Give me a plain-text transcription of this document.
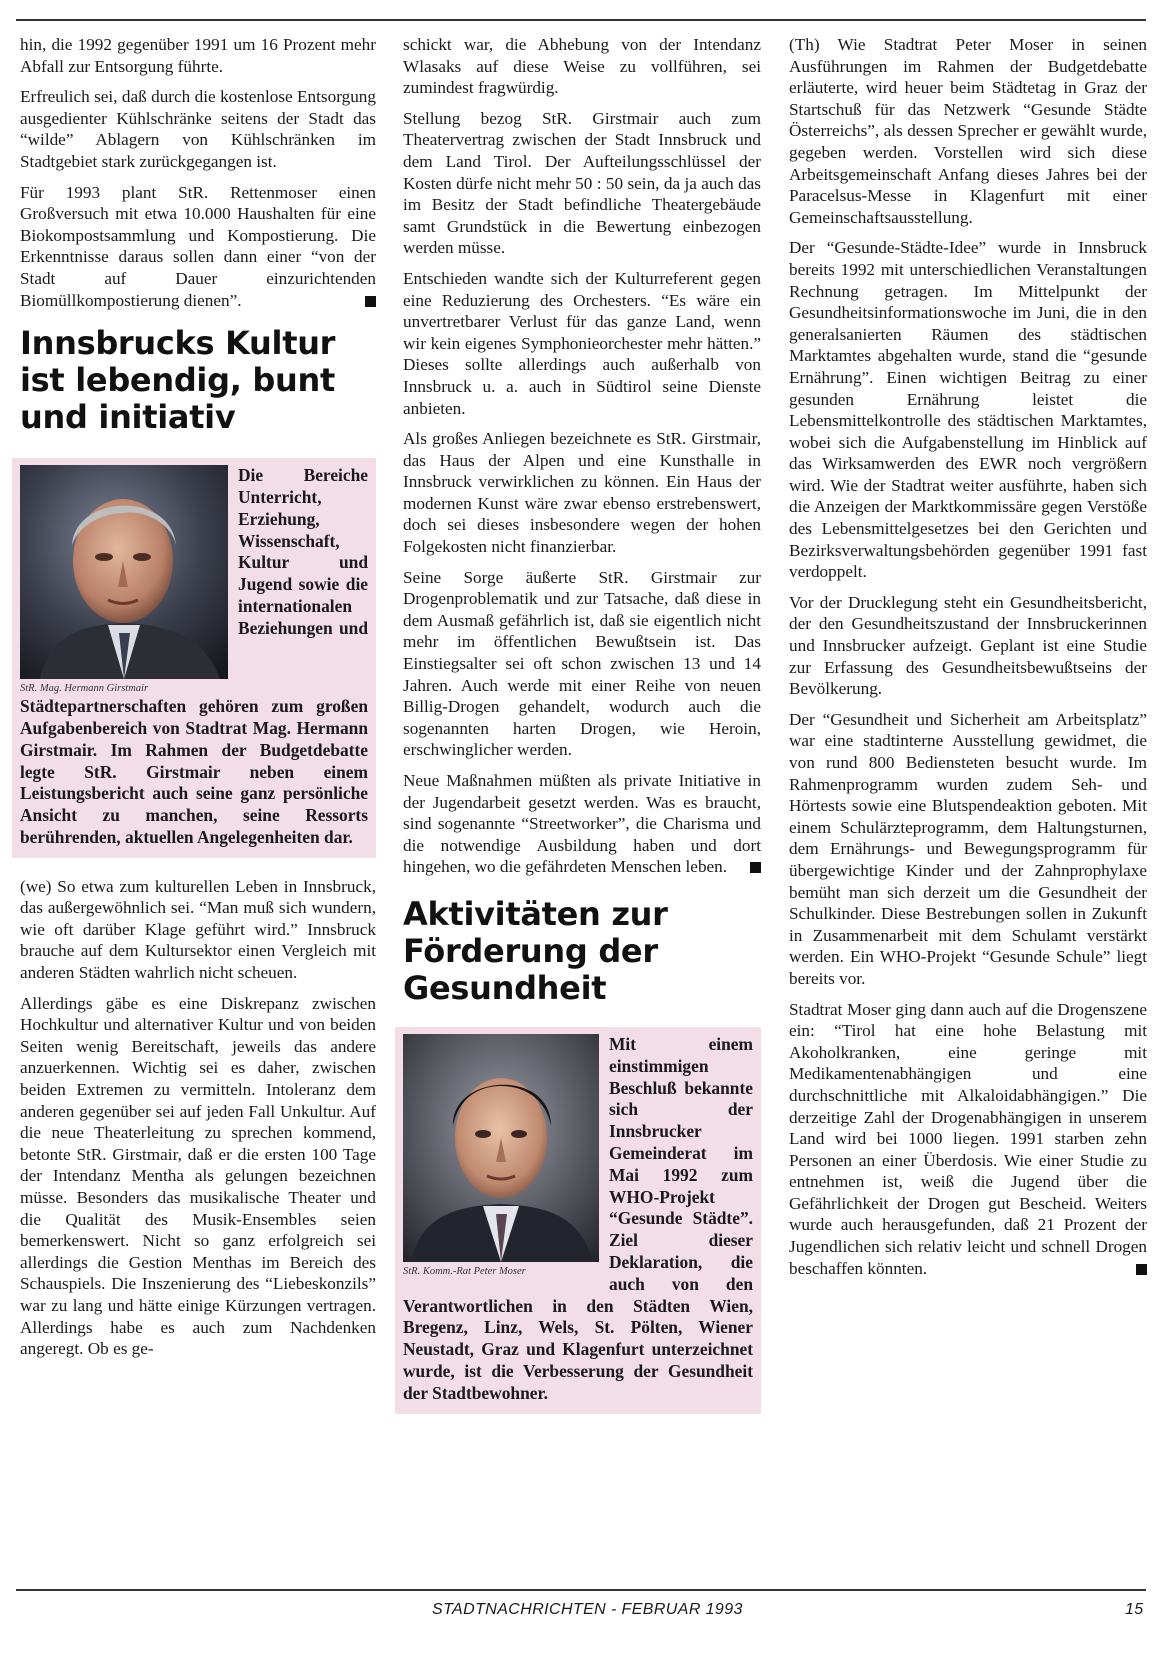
hin, die 1992 gegenüber 1991 um 16 Prozent mehr Abfall zur Entsorgung führte.

Erfreulich sei, daß durch die kostenlose Entsorgung ausgedienter Kühlschränke seitens der Stadt das “wilde” Ablagern von Kühlschränken im Stadtgebiet stark zurückgegangen ist.

Für 1993 plant StR. Rettenmoser einen Großversuch mit etwa 10.000 Haushalten für eine Biokompostsammlung und Kompostierung. Die Erkenntnisse daraus sollen dann einer “von der Stadt auf Dauer einzurichtenden Biomüllkompostierung dienen”.

Innsbrucks Kultur ist lebendig, bunt und initiativ
StR. Mag. Hermann Girstmair

Die Bereiche Unterricht, Erziehung, Wissenschaft, Kultur und Jugend sowie die internationalen Beziehungen und Städtepartnerschaften gehören zum großen Aufgabenbereich von Stadtrat Mag. Hermann Girstmair. Im Rahmen der Budgetdebatte legte StR. Girstmair neben einem Leistungsbericht auch seine ganz persönliche Ansicht zu manchen, seine Ressorts berührenden, aktuellen Angelegenheiten dar.

(we) So etwa zum kulturellen Leben in Innsbruck, das außergewöhnlich sei. “Man muß sich wundern, wie oft darüber Klage geführt wird.” Innsbruck brauche auf dem Kultursektor einen Vergleich mit anderen Städten wahrlich nicht scheuen.

Allerdings gäbe es eine Diskrepanz zwischen Hochkultur und alternativer Kultur und von beiden Seiten wenig Bereitschaft, jeweils das andere anzuerkennen. Wichtig sei es daher, zwischen beiden Extremen zu vermitteln. Intoleranz dem anderen gegenüber sei auf jeden Fall Unkultur. Auf die neue Theaterleitung zu sprechen kommend, betonte StR. Girstmair, daß er die ersten 100 Tage der Intendanz Mentha als gelungen bezeichnen müsse. Besonders das musikalische Theater und die Qualität des Musik-Ensembles seien bemerkenswert. Nicht so ganz erfolgreich sei allerdings die Gestion Menthas im Bereich des Schauspiels. Die Inszenierung des “Liebeskonzils” war zu lang und hätte einige Kürzungen vertragen. Allerdings habe es auch zum Nachdenken angeregt. Ob es ge-

schickt war, die Abhebung von der Intendanz Wlasaks auf diese Weise zu vollführen, sei zumindest fragwürdig.

Stellung bezog StR. Girstmair auch zum Theatervertrag zwischen der Stadt Innsbruck und dem Land Tirol. Der Aufteilungsschlüssel der Kosten dürfe nicht mehr 50 : 50 sein, da ja auch das im Besitz der Stadt befindliche Theatergebäude samt Grundstück in die Bewertung einbezogen werden müsse.

Entschieden wandte sich der Kulturreferent gegen eine Reduzierung des Orchesters. “Es wäre ein unvertretbarer Verlust für das ganze Land, wenn wir kein eigenes Symphonieorchester mehr hätten.” Dieses sollte allerdings auch außerhalb von Innsbruck u. a. auch in Südtirol seine Dienste anbieten.

Als großes Anliegen bezeichnete es StR. Girstmair, das Haus der Alpen und eine Kunsthalle in Innsbruck verwirklichen zu können. Ein Haus der modernen Kunst wäre zwar ebenso erstrebenswert, doch sei dieses insbesondere wegen der hohen Folgekosten nicht finanzierbar.

Seine Sorge äußerte StR. Girstmair zur Drogenproblematik und zur Tatsache, daß diese in dem Ausmaß gefährlich ist, daß sie eigentlich nicht mehr im öffentlichen Bewußtsein ist. Das Einstiegsalter sei oft schon zwischen 13 und 14 Jahren. Auch werde mit einer Reihe von neuen Billig-Drogen gehandelt, wodurch auch die sogenannten harten Drogen, wie Heroin, erschwinglicher werden.

Neue Maßnahmen müßten als private Initiative in der Jugendarbeit gesetzt werden. Was es braucht, sind sogenannte “Streetworker”, die Charisma und die notwendige Ausbildung haben und dort hingehen, wo die gefährdeten Menschen leben.

Aktivitäten zur Förderung der Gesundheit
StR. Komm.-Rat Peter Moser

Mit einem einstimmigen Beschluß bekannte sich der Innsbrucker Gemeinderat im Mai 1992 zum WHO-Projekt “Gesunde Städte”. Ziel dieser Deklaration, die auch von den Verantwortlichen in den Städten Wien, Bregenz, Linz, Wels, St. Pölten, Wiener Neustadt, Graz und Klagenfurt unterzeichnet wurde, ist die Verbesserung der Gesundheit der Stadtbewohner.

(Th) Wie Stadtrat Peter Moser in seinen Ausführungen im Rahmen der Budgetdebatte erläuterte, wird heuer beim Städtetag in Graz der Startschuß für das Netzwerk “Gesunde Städte Österreichs”, als dessen Sprecher er gewählt wurde, gegeben werden. Vorstellen wird sich diese Arbeitsgemeinschaft Anfang dieses Jahres bei der Paracelsus-Messe in Klagenfurt mit einer Gemeinschaftsausstellung.

Der “Gesunde-Städte-Idee” wurde in Innsbruck bereits 1992 mit unterschiedlichen Veranstaltungen Rechnung getragen. Im Mittelpunkt der Gesundheitsinformationswoche im Juni, die in den generalsanierten Räumen des städtischen Marktamtes abgehalten wurde, stand die “gesunde Ernährung”. Einen wichtigen Beitrag zu einer gesunden Ernährung leistet die Lebensmittelkontrolle des städtischen Marktamtes, wobei sich die Aufgabenstellung im Hinblick auf das Wirksamwerden des EWR noch vergrößern wird. Wie der Stadtrat weiter ausführte, haben sich die Anzeigen der Marktkommissäre gegen Verstöße des Lebensmittelgesetzes bei den Gerichten und Bezirksverwaltungsbehörden gegenüber 1991 fast verdoppelt.

Vor der Drucklegung steht ein Gesundheitsbericht, der den Gesundheitszustand der Innsbruckerinnen und Innsbrucker aufzeigt. Geplant ist eine Studie zur Erfassung des Gesundheitsbewußtseins der Bevölkerung.

Der “Gesundheit und Sicherheit am Arbeitsplatz” war eine stadtinterne Ausstellung gewidmet, die von rund 800 Bediensteten besucht wurde. Im Rahmenprogramm wurden zudem Seh- und Hörtests sowie eine Blutspendeaktion geboten. Mit einem Schulärzteprogramm, dem Haltungsturnen, dem Ernährungs- und Bewegungsprogramm für übergewichtige Kinder und der Zahnprophylaxe bemüht man sich derzeit um die Gesundheit der Schulkinder. Diese Bestrebungen sollen in Zukunft in Zusammenarbeit mit dem Schulamt verstärkt werden. Ein WHO-Projekt “Gesunde Schule” liegt bereits vor.

Stadtrat Moser ging dann auch auf die Drogenszene ein: “Tirol hat eine hohe Belastung mit Akoholkranken, eine geringe mit Medikamentenabhängigen und eine durchschnittliche mit Alkaloidabhängigen.” Die derzeitige Zahl der Drogenabhängigen in unserem Land wird bei 1000 liegen. 1991 starben zehn Personen an einer Überdosis. Wie einer Studie zu entnehmen ist, weiß die Jugend über die Gefährlichkeit der Drogen gut Bescheid. Weiters wurde auch herausgefunden, daß 21 Prozent der Jugendlichen sich relativ leicht und schnell Drogen beschaffen könnten.

STADTNACHRICHTEN - FEBRUAR 1993	15
